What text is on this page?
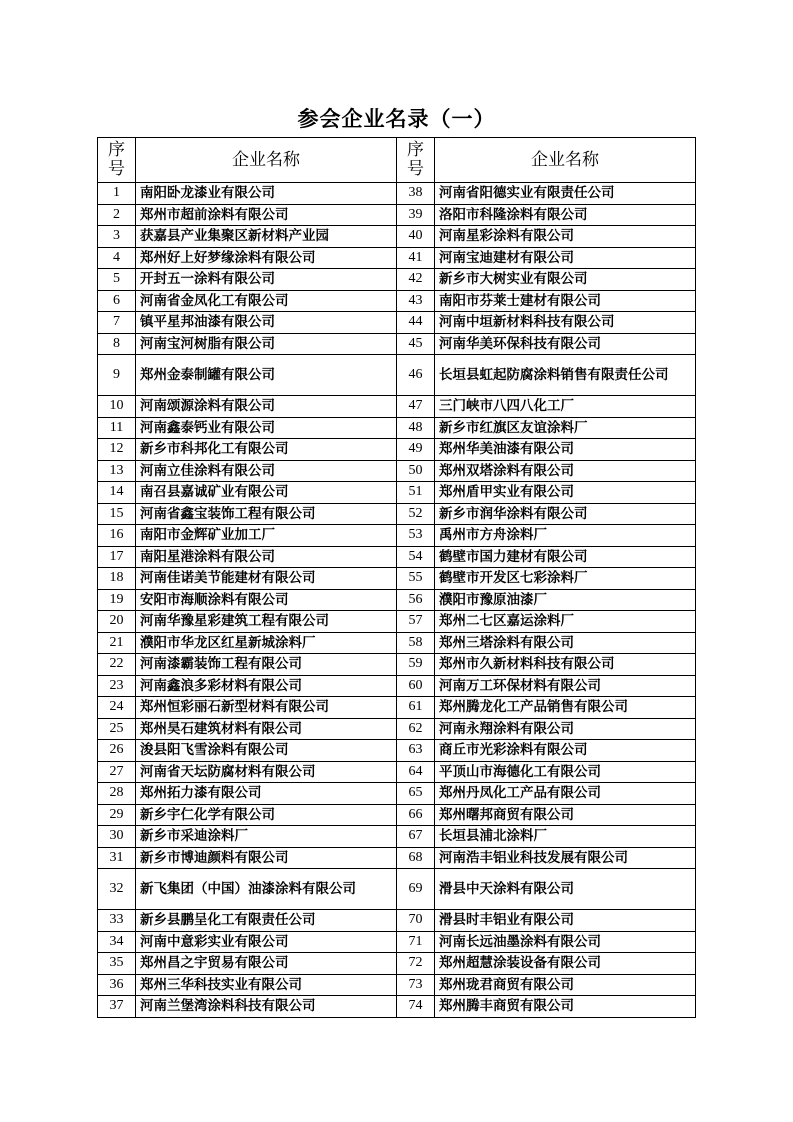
参会企业名录（一）
序号	企业名称	序号	企业名称
1	南阳卧龙漆业有限公司	38	河南省阳德实业有限责任公司
2	郑州市超前涂料有限公司	39	洛阳市科隆涂料有限公司
3	获嘉县产业集聚区新材料产业园	40	河南星彩涂料有限公司
4	郑州好上好梦缘涂料有限公司	41	河南宝迪建材有限公司
5	开封五一涂料有限公司	42	新乡市大树实业有限公司
6	河南省金凤化工有限公司	43	南阳市芬莱士建材有限公司
7	镇平星邦油漆有限公司	44	河南中垣新材料科技有限公司
8	河南宝河树脂有限公司	45	河南华美环保科技有限公司
9	郑州金泰制罐有限公司	46	长垣县虹起防腐涂料销售有限责任公司
10	河南颂源涂料有限公司	47	三门峡市八四八化工厂
11	河南鑫泰钙业有限公司	48	新乡市红旗区友谊涂料厂
12	新乡市科邦化工有限公司	49	郑州华美油漆有限公司
13	河南立佳涂料有限公司	50	郑州双塔涂料有限公司
14	南召县嘉诚矿业有限公司	51	郑州盾甲实业有限公司
15	河南省鑫宝装饰工程有限公司	52	新乡市润华涂料有限公司
16	南阳市金辉矿业加工厂	53	禹州市方舟涂料厂
17	南阳星港涂料有限公司	54	鹤壁市国力建材有限公司
18	河南佳诺美节能建材有限公司	55	鹤壁市开发区七彩涂料厂
19	安阳市海顺涂料有限公司	56	濮阳市豫原油漆厂
20	河南华豫星彩建筑工程有限公司	57	郑州二七区嘉运涂料厂
21	濮阳市华龙区红星新城涂料厂	58	郑州三塔涂料有限公司
22	河南漆霸装饰工程有限公司	59	郑州市久新材料科技有限公司
23	河南鑫浪多彩材料有限公司	60	河南万工环保材料有限公司
24	郑州恒彩丽石新型材料有限公司	61	郑州腾龙化工产品销售有限公司
25	郑州昊石建筑材料有限公司	62	河南永翔涂料有限公司
26	浚县阳飞雪涂料有限公司	63	商丘市光彩涂料有限公司
27	河南省天坛防腐材料有限公司	64	平顶山市海德化工有限公司
28	郑州拓力漆有限公司	65	郑州丹凤化工产品有限公司
29	新乡宇仁化学有限公司	66	郑州曙邦商贸有限公司
30	新乡市采迪涂料厂	67	长垣县浦北涂料厂
31	新乡市博迪颜料有限公司	68	河南浩丰铝业科技发展有限公司
32	新飞集团（中国）油漆涂料有限公司	69	滑县中天涂料有限公司
33	新乡县鹏呈化工有限责任公司	70	滑县时丰铝业有限公司
34	河南中意彩实业有限公司	71	河南长远油墨涂料有限公司
35	郑州昌之宇贸易有限公司	72	郑州超慧涂装设备有限公司
36	郑州三华科技实业有限公司	73	郑州珑君商贸有限公司
37	河南兰堡湾涂料科技有限公司	74	郑州腾丰商贸有限公司
